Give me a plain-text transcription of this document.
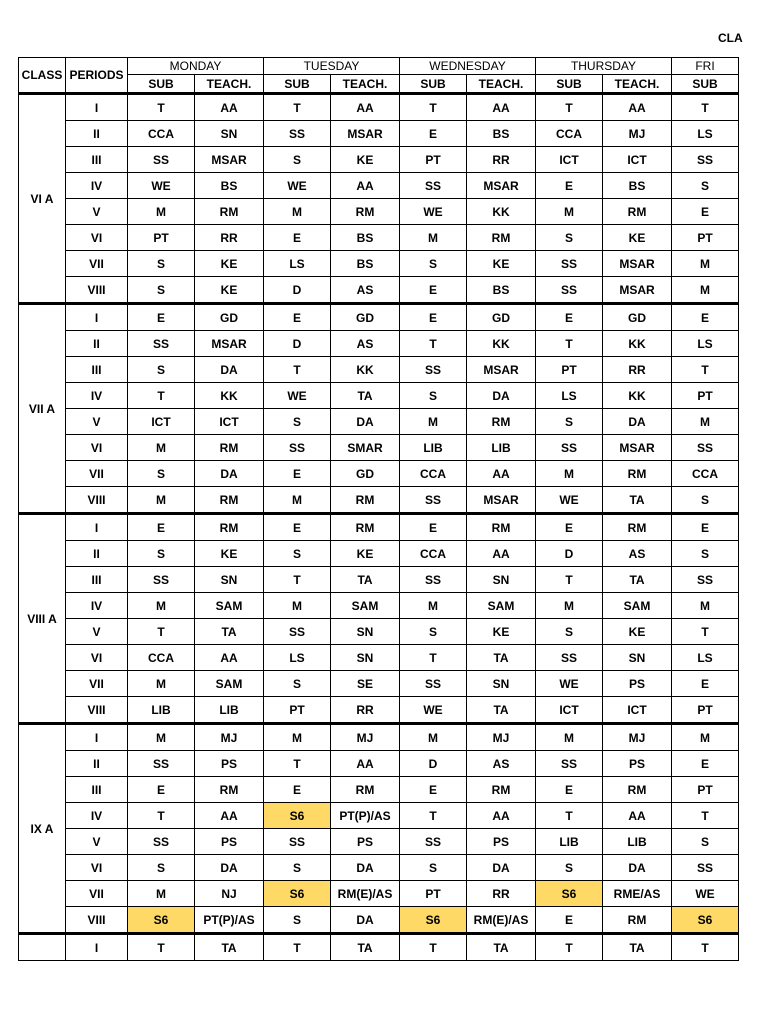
CLA
CLASS	PERIODS	MONDAY		TUESDAY		WEDNESDAY		THURSDAY		FRI
		SUB	TEACH.	SUB	TEACH.	SUB	TEACH.	SUB	TEACH.	SUB
VI A	I	T	AA	T	AA	T	AA	T	AA	T
	II	CCA	SN	SS	MSAR	E	BS	CCA	MJ	LS
	III	SS	MSAR	S	KE	PT	RR	ICT	ICT	SS
	IV	WE	BS	WE	AA	SS	MSAR	E	BS	S
	V	M	RM	M	RM	WE	KK	M	RM	E
	VI	PT	RR	E	BS	M	RM	S	KE	PT
	VII	S	KE	LS	BS	S	KE	SS	MSAR	M
	VIII	S	KE	D	AS	E	BS	SS	MSAR	M
VII A	I	E	GD	E	GD	E	GD	E	GD	E
	II	SS	MSAR	D	AS	T	KK	T	KK	LS
	III	S	DA	T	KK	SS	MSAR	PT	RR	T
	IV	T	KK	WE	TA	S	DA	LS	KK	PT
	V	ICT	ICT	S	DA	M	RM	S	DA	M
	VI	M	RM	SS	SMAR	LIB	LIB	SS	MSAR	SS
	VII	S	DA	E	GD	CCA	AA	M	RM	CCA
	VIII	M	RM	M	RM	SS	MSAR	WE	TA	S
VIII A	I	E	RM	E	RM	E	RM	E	RM	E
	II	S	KE	S	KE	CCA	AA	D	AS	S
	III	SS	SN	T	TA	SS	SN	T	TA	SS
	IV	M	SAM	M	SAM	M	SAM	M	SAM	M
	V	T	TA	SS	SN	S	KE	S	KE	T
	VI	CCA	AA	LS	SN	T	TA	SS	SN	LS
	VII	M	SAM	S	SE	SS	SN	WE	PS	E
	VIII	LIB	LIB	PT	RR	WE	TA	ICT	ICT	PT
IX A	I	M	MJ	M	MJ	M	MJ	M	MJ	M
	II	SS	PS	T	AA	D	AS	SS	PS	E
	III	E	RM	E	RM	E	RM	E	RM	PT
	IV	T	AA	S6	PT(P)/AS	T	AA	T	AA	T
	V	SS	PS	SS	PS	SS	PS	LIB	LIB	S
	VI	S	DA	S	DA	S	DA	S	DA	SS
	VII	M	NJ	S6	RM(E)/AS	PT	RR	S6	RME/AS	WE
	VIII	S6	PT(P)/AS	S	DA	S6	RM(E)/AS	E	RM	S6
	I	T	TA	T	TA	T	TA	T	TA	T
